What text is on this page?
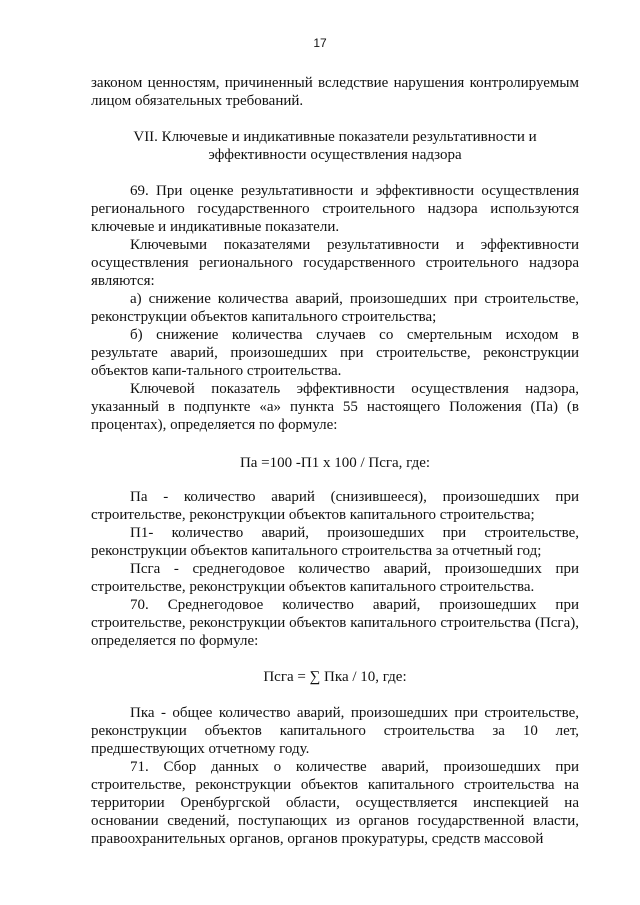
17

законом ценностям, причиненный вследствие нарушения контролируемым лицом обязательных требований.

VII. Ключевые и индикативные показатели результативности и эффективности осуществления надзора

69. При оценке результативности и эффективности осуществления регионального государственного строительного надзора используются ключевые и индикативные показатели.

Ключевыми показателями результативности и эффективности осуществления регионального государственного строительного надзора являются:

а) снижение количества аварий, произошедших при строительстве, реконструкции объектов капитального строительства;

б) снижение количества случаев со смертельным исходом в результате аварий, произошедших при строительстве, реконструкции объектов капи-тального строительства.

Ключевой показатель эффективности осуществления надзора, указанный в подпункте «а» пункта 55 настоящего Положения (Па) (в процентах), определяется по формуле:

Па =100 -П1 х 100 / Псга, где:

Па - количество аварий (снизившееся), произошедших при строительстве, реконструкции объектов капитального строительства;

П1- количество аварий, произошедших при строительстве, реконструкции объектов капитального строительства за отчетный год;

Псга - среднегодовое количество аварий, произошедших при строительстве, реконструкции объектов капитального строительства.

70. Среднегодовое количество аварий, произошедших при строительстве, реконструкции объектов капитального строительства (Псга), определяется по формуле:

Псга = ∑ Пка / 10, где:

Пка - общее количество аварий, произошедших при строительстве, реконструкции объектов капитального строительства за 10 лет, предшествующих отчетному году.

71. Сбор данных о количестве аварий, произошедших при строительстве, реконструкции объектов капитального строительства на территории Оренбургской области, осуществляется инспекцией на основании сведений, поступающих из органов государственной власти, правоохранительных органов, органов прокуратуры, средств массовой
